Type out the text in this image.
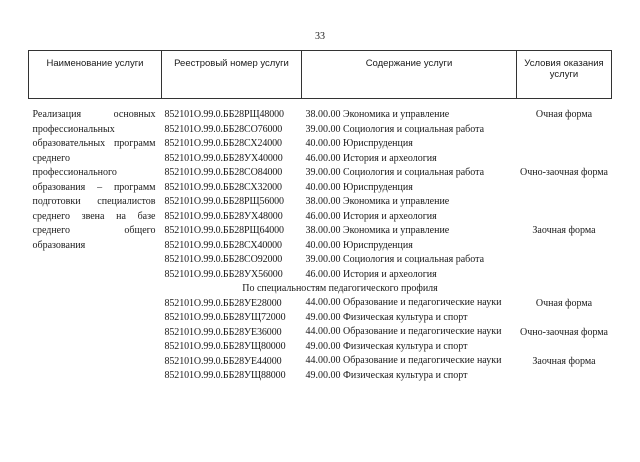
33
Наименование услуги	Реестровый номер услуги	Содержание услуги	Условия оказания услуги

Реализация основных профессиональных образовательных программ среднего профессионального образования – программ подготовки специалистов среднего звена на базе среднего общего образования	852101О.99.0.ББ28РЩ48000	38.00.00 Экономика и управление	Очная форма
	852101О.99.0.ББ28СО76000	39.00.00 Социология и социальная работа	
	852101О.99.0.ББ28СХ24000	40.00.00 Юриспруденция	
	852101О.99.0.ББ28УХ40000	46.00.00 История и археология	
	852101О.99.0.ББ28СО84000	39.00.00 Социология и социальная работа	Очно-заочная форма
	852101О.99.0.ББ28СХ32000	40.00.00 Юриспруденция	
	852101О.99.0.ББ28РЩ56000	38.00.00 Экономика и управление	
	852101О.99.0.ББ28УХ48000	46.00.00 История и археология	
	852101О.99.0.ББ28РЩ64000	38.00.00 Экономика и управление	Заочная форма
	852101О.99.0.ББ28СХ40000	40.00.00 Юриспруденция	
	852101О.99.0.ББ28СО92000	39.00.00 Социология и социальная работа	
	852101О.99.0.ББ28УХ56000	46.00.00 История и археология	
По специальностям педагогического профиля			
	852101О.99.0.ББ28УЕ28000	44.00.00 Образование и педагогические науки	Очная форма
	852101О.99.0.ББ28УЩ72000	49.00.00 Физическая культура и спорт	
	852101О.99.0.ББ28УЕ36000	44.00.00 Образование и педагогические науки	Очно-заочная форма
	852101О.99.0.ББ28УЩ80000	49.00.00 Физическая культура и спорт	
	852101О.99.0.ББ28УЕ44000	44.00.00 Образование и педагогические науки	Заочная форма
	852101О.99.0.ББ28УЩ88000	49.00.00 Физическая культура и спорт	
